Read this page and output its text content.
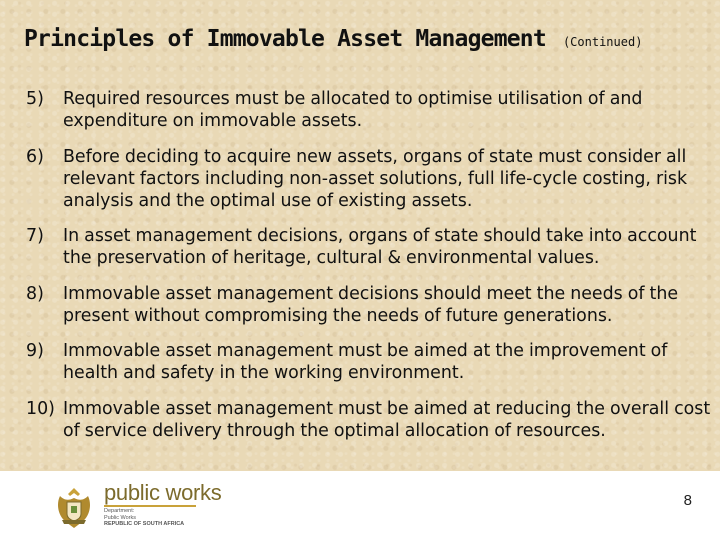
Principles of Immovable Asset Management (Continued)
5) Required resources must be allocated to optimise utilisation of and expenditure on immovable assets.
6) Before deciding to acquire new assets, organs of state must consider all relevant factors including non-asset solutions, full life-cycle costing, risk analysis and the optimal use of existing assets.
7) In asset management decisions, organs of state should take into account the preservation of heritage, cultural & environmental values.
8) Immovable asset management decisions should meet the needs of the present without compromising the needs of future generations.
9) Immovable asset management must be aimed at the improvement of health and safety in the working environment.
10) Immovable asset management must be aimed at reducing the overall cost of service delivery through the optimal allocation of resources.
public works
Department:
Public Works
REPUBLIC OF SOUTH AFRICA
8
